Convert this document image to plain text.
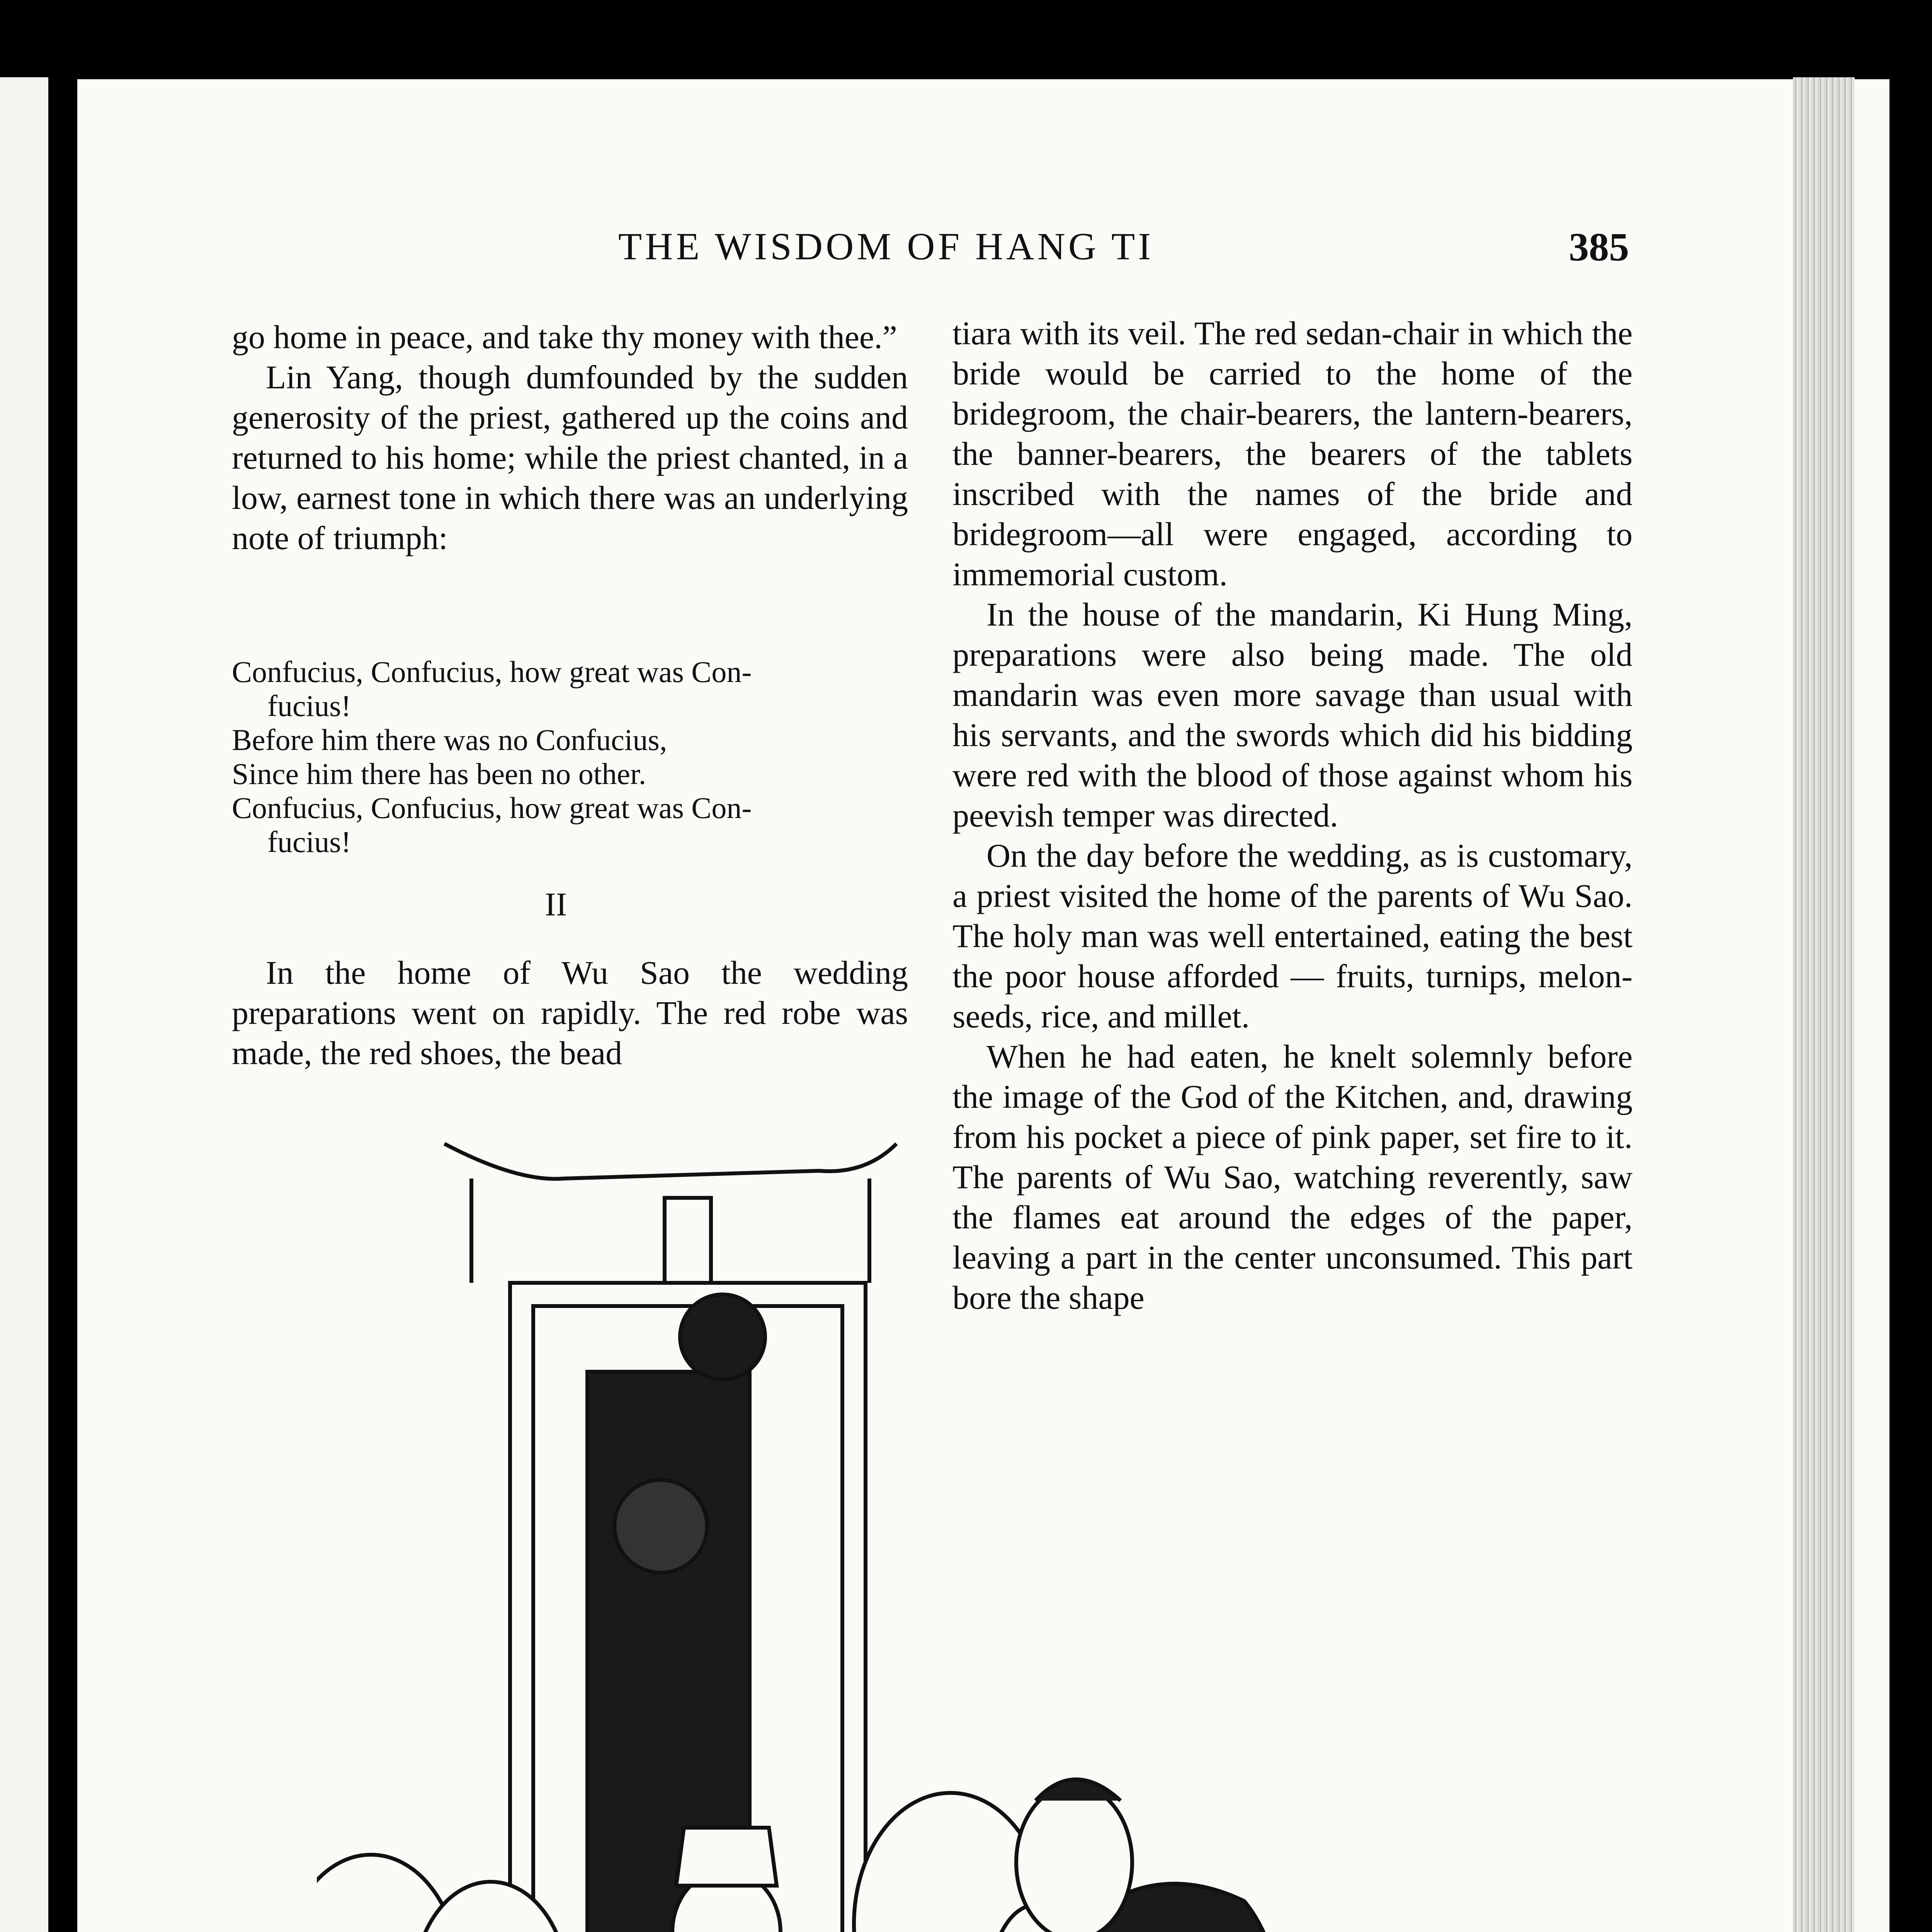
THE WISDOM OF HANG TI	385

go home in peace, and take thy money with thee.”

Lin Yang, though dumfounded by the sudden generosity of the priest, gathered up the coins and returned to his home; while the priest chanted, in a low, earnest tone in which there was an underlying note of triumph:

Confucius, Confucius, how great was Con-
fucius!
Before him there was no Confucius,
Since him there has been no other.
Confucius, Confucius, how great was Con-
fucius!
II

In the home of Wu Sao the wedding preparations went on rapidly. The red robe was made, the red shoes, the bead

tiara with its veil. The red sedan-chair in which the bride would be carried to the home of the bridegroom, the chair-bearers, the lantern-bearers, the banner-bearers, the bearers of the tablets inscribed with the names of the bride and bridegroom—all were engaged, according to immemorial custom.

In the house of the mandarin, Ki Hung Ming, preparations were also being made. The old mandarin was even more savage than usual with his servants, and the swords which did his bidding were red with the blood of those against whom his peevish temper was directed.

On the day before the wedding, as is customary, a priest visited the home of the parents of Wu Sao. The holy man was well entertained, eating the best the poor house afforded — fruits, turnips, melon-seeds, rice, and millet.

When he had eaten, he knelt solemnly before the image of the God of the Kitchen, and, drawing from his pocket a piece of pink paper, set fire to it. The parents of Wu Sao, watching reverently, saw the flames eat around the edges of the paper, leaving a part in the center unconsumed. This part bore the shape
